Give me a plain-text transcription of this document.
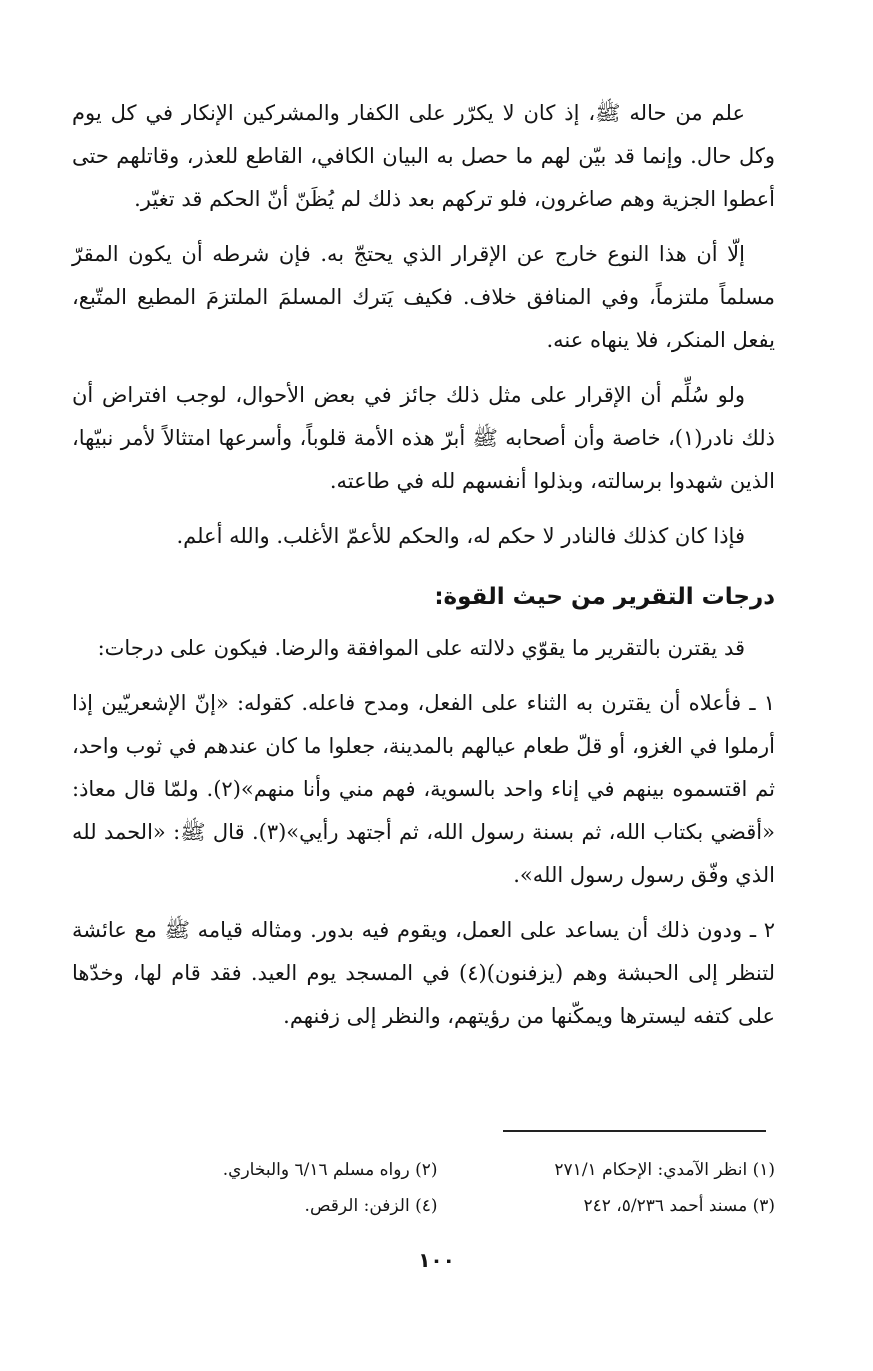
علم من حاله ﷺ، إذ كان لا يكرّر على الكفار والمشركين الإنكار في كل يوم وكل حال. وإنما قد بيّن لهم ما حصل به البيان الكافي، القاطع للعذر، وقاتلهم حتى أعطوا الجزية وهم صاغرون، فلو تركهم بعد ذلك لم يُظَنّ أنّ الحكم قد تغيّر.

إلّا أن هذا النوع خارج عن الإقرار الذي يحتجّ به. فإن شرطه أن يكون المقرّ مسلماً ملتزماً، وفي المنافق خلاف. فكيف يَترك المسلمَ الملتزمَ المطيع المتّبع، يفعل المنكر، فلا ينهاه عنه.

ولو سُلِّم أن الإقرار على مثل ذلك جائز في بعض الأحوال، لوجب افتراض أن ذلك نادر(١)، خاصة وأن أصحابه ﷺ أبرّ هذه الأمة قلوباً، وأسرعها امتثالاً لأمر نبيّها، الذين شهدوا برسالته، وبذلوا أنفسهم لله في طاعته.

فإذا كان كذلك فالنادر لا حكم له، والحكم للأعمّ الأغلب. والله أعلم.

درجات التقرير من حيث القوة:

قد يقترن بالتقرير ما يقوّي دلالته على الموافقة والرضا. فيكون على درجات:

١ ـ فأعلاه أن يقترن به الثناء على الفعل، ومدح فاعله. كقوله: «إنّ الإشعريّين إذا أرملوا في الغزو، أو قلّ طعام عيالهم بالمدينة، جعلوا ما كان عندهم في ثوب واحد، ثم اقتسموه بينهم في إناء واحد بالسوية، فهم مني وأنا منهم»(٢). ولمّا قال معاذ: «أقضي بكتاب الله، ثم بسنة رسول الله، ثم أجتهد رأيي»(٣). قال ﷺ: «الحمد لله الذي وفّق رسول رسول الله».

٢ ـ ودون ذلك أن يساعد على العمل، ويقوم فيه بدور. ومثاله قيامه ﷺ مع عائشة لتنظر إلى الحبشة وهم (يزفنون)(٤) في المسجد يوم العيد. فقد قام لها، وخدّها على كتفه ليسترها ويمكّنها من رؤيتهم، والنظر إلى زفنهم.

(١) انظر الآمدي: الإحكام ٢٧١/١
(٢) رواه مسلم ٦/١٦ والبخاري.
(٣) مسند أحمد ٥/٢٣٦، ٢٤٢
(٤) الزفن: الرقص.
١٠٠
